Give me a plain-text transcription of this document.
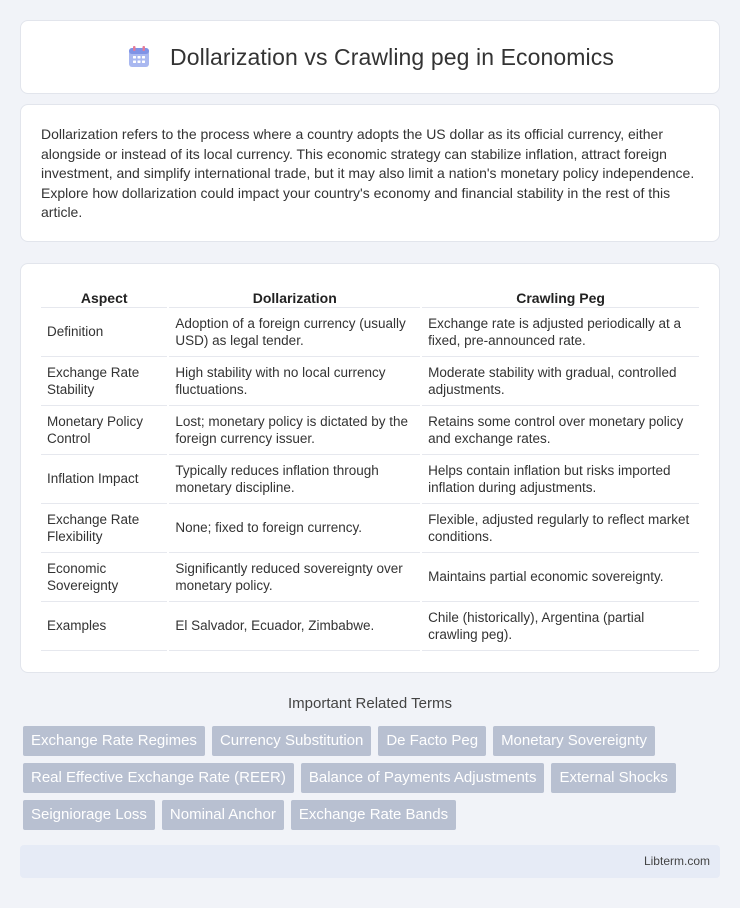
Dollarization vs Crawling peg in Economics

Dollarization refers to the process where a country adopts the US dollar as its official currency, either alongside or instead of its local currency. This economic strategy can stabilize inflation, attract foreign investment, and simplify international trade, but it may also limit a nation's monetary policy independence. Explore how dollarization could impact your country's economy and financial stability in the rest of this article.

Aspect	Dollarization	Crawling Peg
Definition	Adoption of a foreign currency (usually USD) as legal tender.	Exchange rate is adjusted periodically at a fixed, pre-announced rate.
Exchange Rate Stability	High stability with no local currency fluctuations.	Moderate stability with gradual, controlled adjustments.
Monetary Policy Control	Lost; monetary policy is dictated by the foreign currency issuer.	Retains some control over monetary policy and exchange rates.
Inflation Impact	Typically reduces inflation through monetary discipline.	Helps contain inflation but risks imported inflation during adjustments.
Exchange Rate Flexibility	None; fixed to foreign currency.	Flexible, adjusted regularly to reflect market conditions.
Economic Sovereignty	Significantly reduced sovereignty over monetary policy.	Maintains partial economic sovereignty.
Examples	El Salvador, Ecuador, Zimbabwe.	Chile (historically), Argentina (partial crawling peg).
Important Related Terms
Exchange Rate Regimes	Currency Substitution	De Facto Peg	Monetary Sovereignty
Real Effective Exchange Rate (REER)	Balance of Payments Adjustments	External Shocks
Seigniorage Loss	Nominal Anchor	Exchange Rate Bands
Libterm.com
